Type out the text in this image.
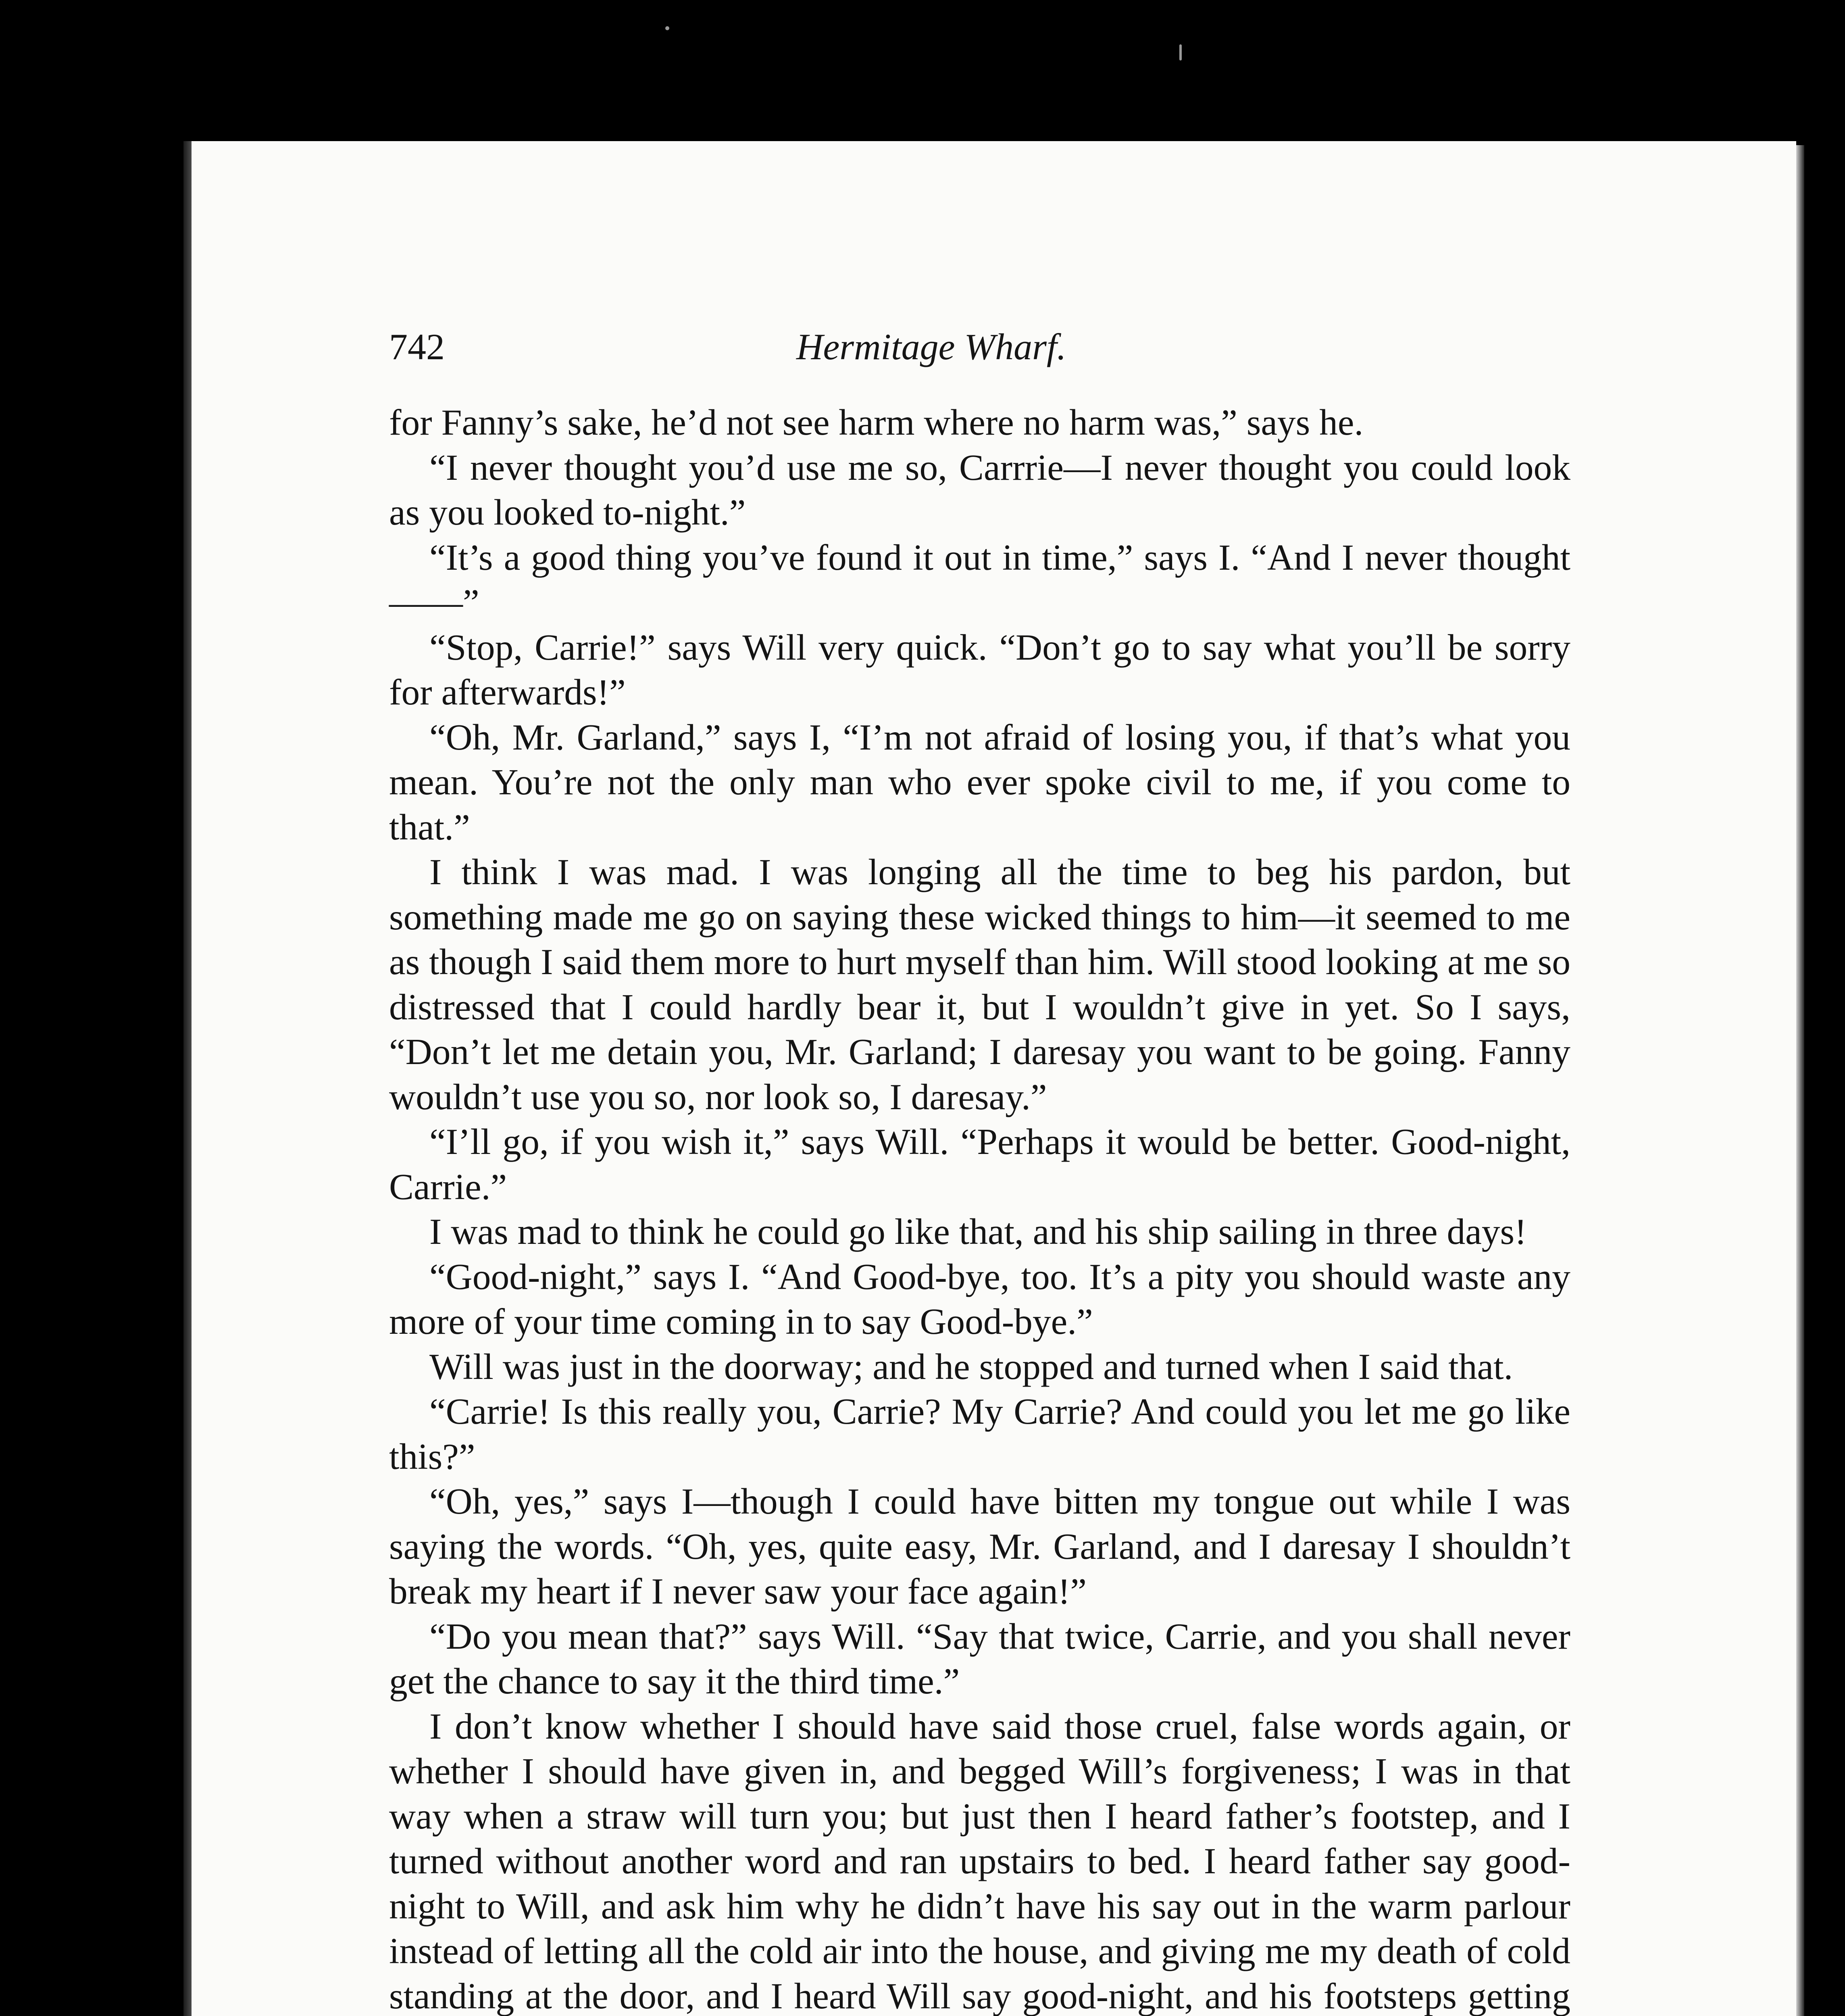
742	Hermitage Wharf.

for Fanny’s sake, he’d not see harm where no harm was,” says he.

“I never thought you’d use me so, Carrrie—I never thought you could look as you looked to-night.”

“It’s a good thing you’ve found it out in time,” says I. “And I never thought——”

“Stop, Carrie!” says Will very quick. “Don’t go to say what you’ll be sorry for afterwards!”

“Oh, Mr. Garland,” says I, “I’m not afraid of losing you, if that’s what you mean. You’re not the only man who ever spoke civil to me, if you come to that.”

I think I was mad. I was longing all the time to beg his pardon, but something made me go on saying these wicked things to him—it seemed to me as though I said them more to hurt myself than him. Will stood looking at me so distressed that I could hardly bear it, but I wouldn’t give in yet. So I says, “Don’t let me detain you, Mr. Garland; I daresay you want to be going. Fanny wouldn’t use you so, nor look so, I daresay.”

“I’ll go, if you wish it,” says Will. “Perhaps it would be better. Good-night, Carrie.”

I was mad to think he could go like that, and his ship sailing in three days!

“Good-night,” says I. “And Good-bye, too. It’s a pity you should waste any more of your time coming in to say Good-bye.”

Will was just in the doorway; and he stopped and turned when I said that.

“Carrie! Is this really you, Carrie? My Carrie? And could you let me go like this?”

“Oh, yes,” says I—though I could have bitten my tongue out while I was saying the words. “Oh, yes, quite easy, Mr. Garland, and I daresay I shouldn’t break my heart if I never saw your face again!”

“Do you mean that?” says Will. “Say that twice, Carrie, and you shall never get the chance to say it the third time.”

I don’t know whether I should have said those cruel, false words again, or whether I should have given in, and begged Will’s forgiveness; I was in that way when a straw will turn you; but just then I heard father’s footstep, and I turned without another word and ran upstairs to bed. I heard father say good-night to Will, and ask him why he didn’t have his say out in the warm parlour instead of letting all the cold air into the house, and giving me my death of cold standing at the door, and I heard Will say good-night, and his footsteps getting
